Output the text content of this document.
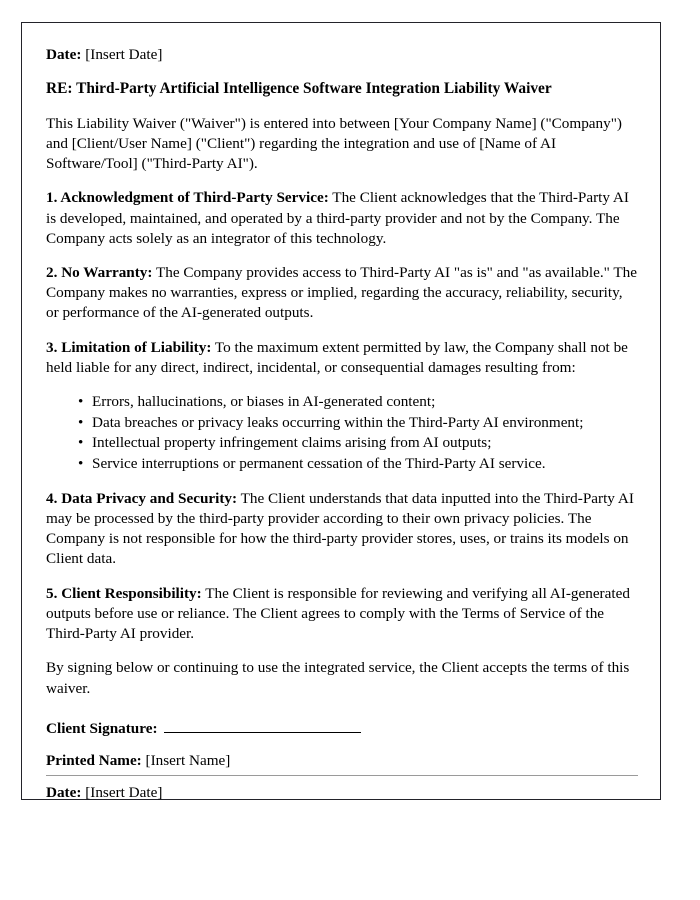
Date: [Insert Date]

RE: Third-Party Artificial Intelligence Software Integration Liability Waiver

This Liability Waiver ("Waiver") is entered into between [Your Company Name] ("Company") and [Client/User Name] ("Client") regarding the integration and use of [Name of AI Software/Tool] ("Third-Party AI").

1. Acknowledgment of Third-Party Service: The Client acknowledges that the Third-Party AI is developed, maintained, and operated by a third-party provider and not by the Company. The Company acts solely as an integrator of this technology.

2. No Warranty: The Company provides access to Third-Party AI "as is" and "as available." The Company makes no warranties, express or implied, regarding the accuracy, reliability, security, or performance of the AI-generated outputs.

3. Limitation of Liability: To the maximum extent permitted by law, the Company shall not be held liable for any direct, indirect, incidental, or consequential damages resulting from:

• Errors, hallucinations, or biases in AI-generated content;
• Data breaches or privacy leaks occurring within the Third-Party AI environment;
• Intellectual property infringement claims arising from AI outputs;
• Service interruptions or permanent cessation of the Third-Party AI service.

4. Data Privacy and Security: The Client understands that data inputted into the Third-Party AI may be processed by the third-party provider according to their own privacy policies. The Company is not responsible for how the third-party provider stores, uses, or trains its models on Client data.

5. Client Responsibility: The Client is responsible for reviewing and verifying all AI-generated outputs before use or reliance. The Client agrees to comply with the Terms of Service of the Third-Party AI provider.

By signing below or continuing to use the integrated service, the Client accepts the terms of this waiver.

Client Signature:

Printed Name: [Insert Name]

Date: [Insert Date]
